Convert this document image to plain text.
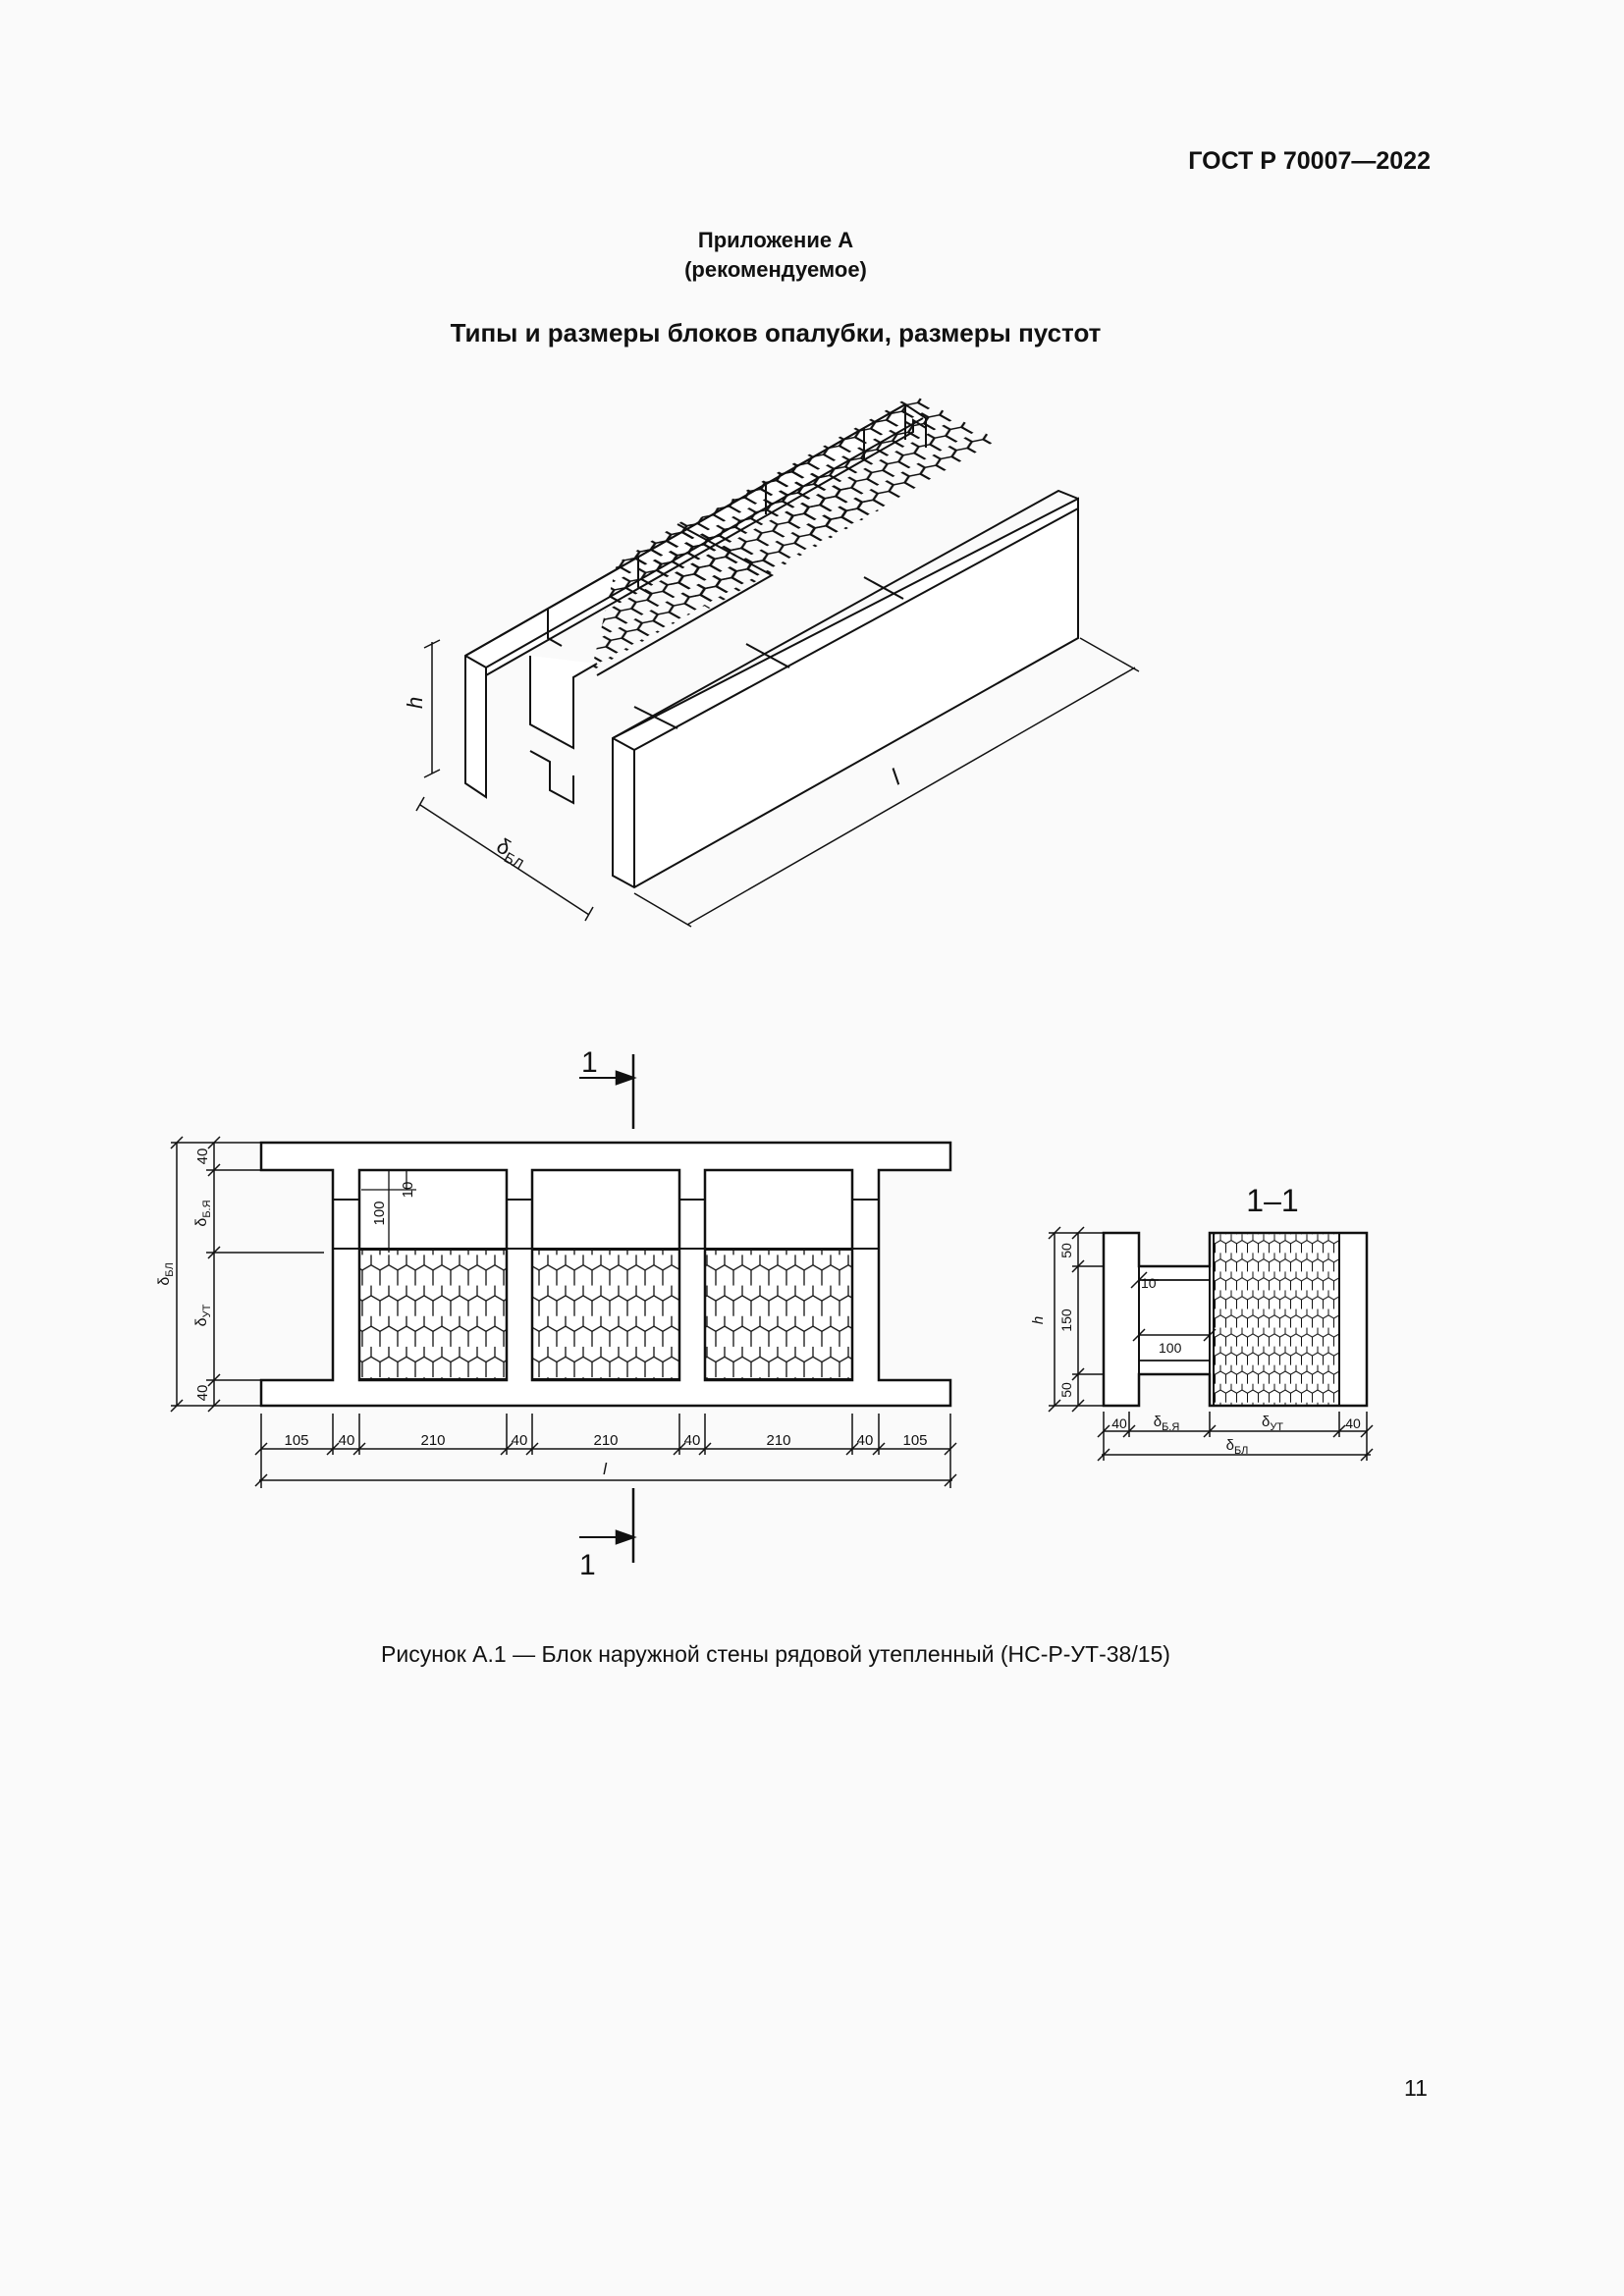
ГОСТ Р 70007—2022
Приложение А
(рекомендуемое)
Типы и размеры блоков опалубки, размеры пустот
h
l
$\delta_{БЛ}$
1
1
40
40
$\delta_{Б.Я}$
$\delta_{УТ}$
$\delta_{БЛ}$
100
10
105 40	210	40	210	40	210	40 105
l
1–1
50
150
50
h
10
100
40	40
$\delta_{Б.Я}$	$\delta_{УТ}$
$\delta_{БЛ}$
Рисунок А.1 — Блок наружной стены рядовой утепленный (НС-Р-УТ-38/15)
11
